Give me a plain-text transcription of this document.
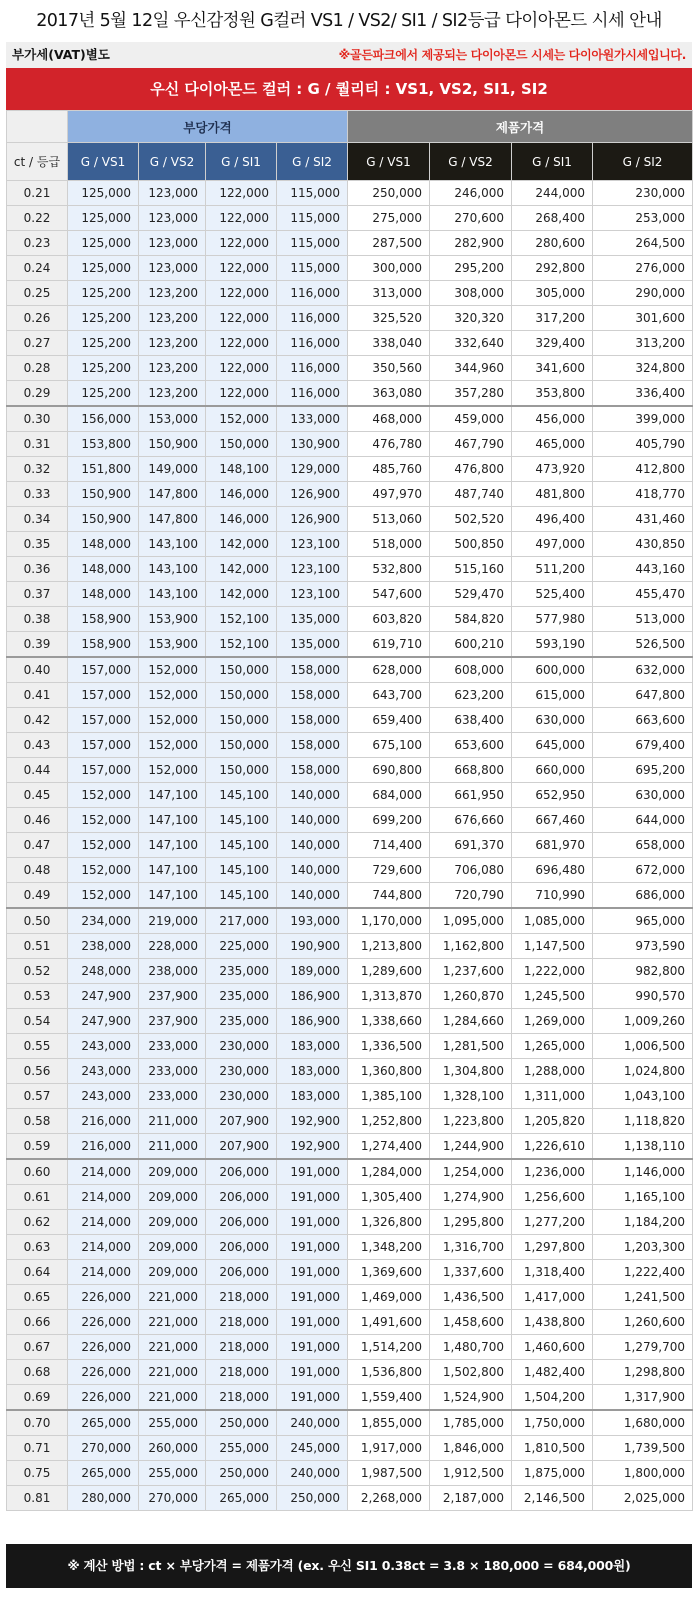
2017년 5월 12일 우신감정원 G컬러 VS1 / VS2/ SI1 / SI2등급 다이아몬드 시세 안내
부가세(VAT)별도	※골든파크에서 제공되는 다이아몬드 시세는 다이아원가시세입니다.
우신 다이아몬드 컬러 : G / 퀄리티 : VS1, VS2, SI1, SI2
	부당가격				제품가격			
ct / 등급	G / VS1	G / VS2	G / SI1	G / SI2	G / VS1	G / VS2	G / SI1	G / SI2
0.21	125,000	123,000	122,000	115,000	250,000	246,000	244,000	230,000
0.22	125,000	123,000	122,000	115,000	275,000	270,600	268,400	253,000
0.23	125,000	123,000	122,000	115,000	287,500	282,900	280,600	264,500
0.24	125,000	123,000	122,000	115,000	300,000	295,200	292,800	276,000
0.25	125,200	123,200	122,000	116,000	313,000	308,000	305,000	290,000
0.26	125,200	123,200	122,000	116,000	325,520	320,320	317,200	301,600
0.27	125,200	123,200	122,000	116,000	338,040	332,640	329,400	313,200
0.28	125,200	123,200	122,000	116,000	350,560	344,960	341,600	324,800
0.29	125,200	123,200	122,000	116,000	363,080	357,280	353,800	336,400
0.30	156,000	153,000	152,000	133,000	468,000	459,000	456,000	399,000
0.31	153,800	150,900	150,000	130,900	476,780	467,790	465,000	405,790
0.32	151,800	149,000	148,100	129,000	485,760	476,800	473,920	412,800
0.33	150,900	147,800	146,000	126,900	497,970	487,740	481,800	418,770
0.34	150,900	147,800	146,000	126,900	513,060	502,520	496,400	431,460
0.35	148,000	143,100	142,000	123,100	518,000	500,850	497,000	430,850
0.36	148,000	143,100	142,000	123,100	532,800	515,160	511,200	443,160
0.37	148,000	143,100	142,000	123,100	547,600	529,470	525,400	455,470
0.38	158,900	153,900	152,100	135,000	603,820	584,820	577,980	513,000
0.39	158,900	153,900	152,100	135,000	619,710	600,210	593,190	526,500
0.40	157,000	152,000	150,000	158,000	628,000	608,000	600,000	632,000
0.41	157,000	152,000	150,000	158,000	643,700	623,200	615,000	647,800
0.42	157,000	152,000	150,000	158,000	659,400	638,400	630,000	663,600
0.43	157,000	152,000	150,000	158,000	675,100	653,600	645,000	679,400
0.44	157,000	152,000	150,000	158,000	690,800	668,800	660,000	695,200
0.45	152,000	147,100	145,100	140,000	684,000	661,950	652,950	630,000
0.46	152,000	147,100	145,100	140,000	699,200	676,660	667,460	644,000
0.47	152,000	147,100	145,100	140,000	714,400	691,370	681,970	658,000
0.48	152,000	147,100	145,100	140,000	729,600	706,080	696,480	672,000
0.49	152,000	147,100	145,100	140,000	744,800	720,790	710,990	686,000
0.50	234,000	219,000	217,000	193,000	1,170,000	1,095,000	1,085,000	965,000
0.51	238,000	228,000	225,000	190,900	1,213,800	1,162,800	1,147,500	973,590
0.52	248,000	238,000	235,000	189,000	1,289,600	1,237,600	1,222,000	982,800
0.53	247,900	237,900	235,000	186,900	1,313,870	1,260,870	1,245,500	990,570
0.54	247,900	237,900	235,000	186,900	1,338,660	1,284,660	1,269,000	1,009,260
0.55	243,000	233,000	230,000	183,000	1,336,500	1,281,500	1,265,000	1,006,500
0.56	243,000	233,000	230,000	183,000	1,360,800	1,304,800	1,288,000	1,024,800
0.57	243,000	233,000	230,000	183,000	1,385,100	1,328,100	1,311,000	1,043,100
0.58	216,000	211,000	207,900	192,900	1,252,800	1,223,800	1,205,820	1,118,820
0.59	216,000	211,000	207,900	192,900	1,274,400	1,244,900	1,226,610	1,138,110
0.60	214,000	209,000	206,000	191,000	1,284,000	1,254,000	1,236,000	1,146,000
0.61	214,000	209,000	206,000	191,000	1,305,400	1,274,900	1,256,600	1,165,100
0.62	214,000	209,000	206,000	191,000	1,326,800	1,295,800	1,277,200	1,184,200
0.63	214,000	209,000	206,000	191,000	1,348,200	1,316,700	1,297,800	1,203,300
0.64	214,000	209,000	206,000	191,000	1,369,600	1,337,600	1,318,400	1,222,400
0.65	226,000	221,000	218,000	191,000	1,469,000	1,436,500	1,417,000	1,241,500
0.66	226,000	221,000	218,000	191,000	1,491,600	1,458,600	1,438,800	1,260,600
0.67	226,000	221,000	218,000	191,000	1,514,200	1,480,700	1,460,600	1,279,700
0.68	226,000	221,000	218,000	191,000	1,536,800	1,502,800	1,482,400	1,298,800
0.69	226,000	221,000	218,000	191,000	1,559,400	1,524,900	1,504,200	1,317,900
0.70	265,000	255,000	250,000	240,000	1,855,000	1,785,000	1,750,000	1,680,000
0.71	270,000	260,000	255,000	245,000	1,917,000	1,846,000	1,810,500	1,739,500
0.75	265,000	255,000	250,000	240,000	1,987,500	1,912,500	1,875,000	1,800,000
0.81	280,000	270,000	265,000	250,000	2,268,000	2,187,000	2,146,500	2,025,000
※ 계산 방법 : ct × 부당가격 = 제품가격 (ex. 우신 SI1 0.38ct = 3.8 × 180,000 = 684,000원)
